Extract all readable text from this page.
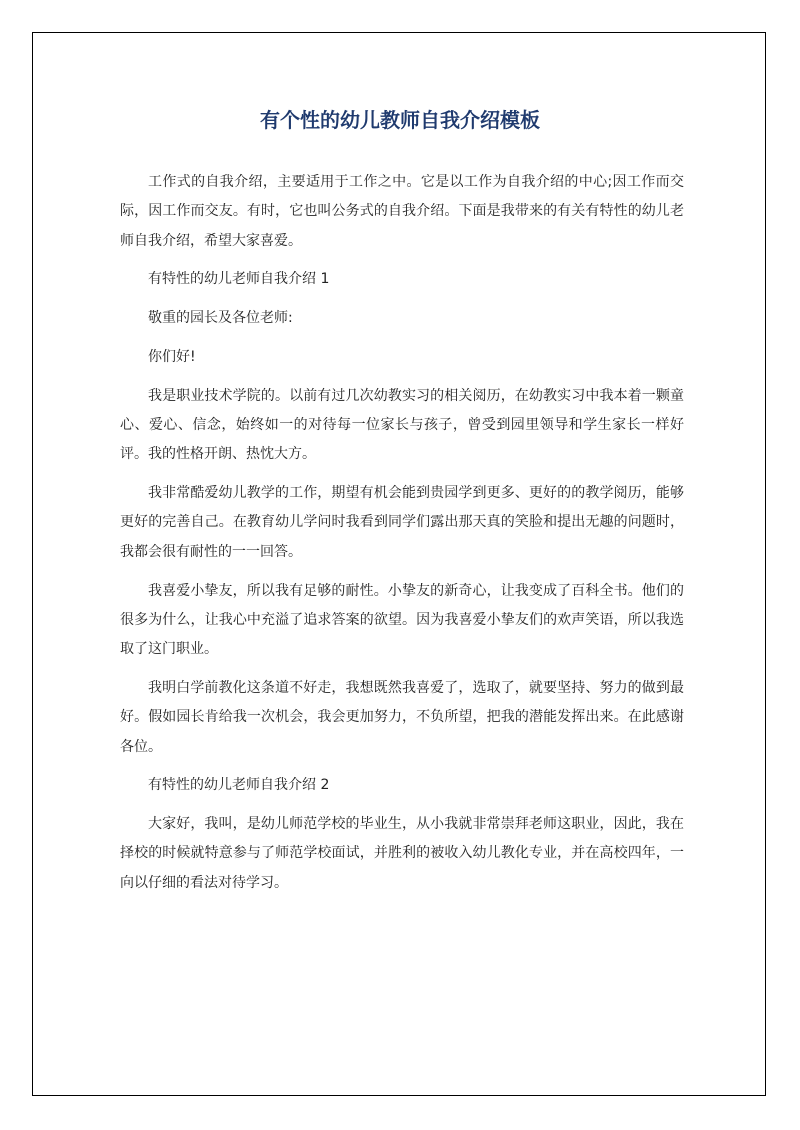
有个性的幼儿教师自我介绍模板

工作式的自我介绍，主要适用于工作之中。它是以工作为自我介绍的中心;因工作而交际，因工作而交友。有时，它也叫公务式的自我介绍。下面是我带来的有关有特性的幼儿老师自我介绍，希望大家喜爱。

有特性的幼儿老师自我介绍 1

敬重的园长及各位老师:

你们好!

我是职业技术学院的。以前有过几次幼教实习的相关阅历，在幼教实习中我本着一颗童心、爱心、信念，始终如一的对待每一位家长与孩子，曾受到园里领导和学生家长一样好评。我的性格开朗、热忱大方。

我非常酷爱幼儿教学的工作，期望有机会能到贵园学到更多、更好的的教学阅历，能够更好的完善自己。在教育幼儿学问时我看到同学们露出那天真的笑脸和提出无趣的问题时，我都会很有耐性的一一回答。

我喜爱小挚友，所以我有足够的耐性。小挚友的新奇心，让我变成了百科全书。他们的很多为什么，让我心中充溢了追求答案的欲望。因为我喜爱小挚友们的欢声笑语，所以我选取了这门职业。

我明白学前教化这条道不好走，我想既然我喜爱了，选取了，就要坚持、努力的做到最好。假如园长肯给我一次机会，我会更加努力，不负所望，把我的潜能发挥出来。在此感谢各位。

有特性的幼儿老师自我介绍 2

大家好，我叫，是幼儿师范学校的毕业生，从小我就非常崇拜老师这职业，因此，我在择校的时候就特意参与了师范学校面试，并胜利的被收入幼儿教化专业，并在高校四年，一向以仔细的看法对待学习。
